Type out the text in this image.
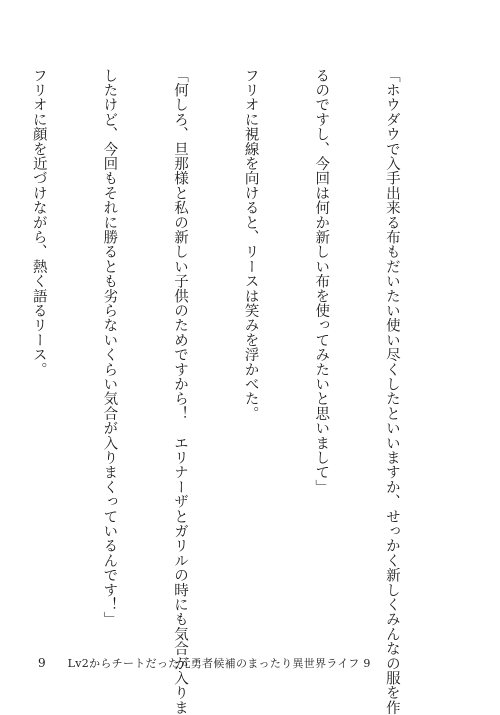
「ホウダウで入手出来る布もだいたい使い尽くしたといいますか、せっかく新しくみんなの服を作

るのですし、今回は何か新しい布を使ってみたいと思いまして」

フリオに視線を向けると、リースは笑みを浮かべた。

「何しろ、旦那様と私の新しい子供のためですから！　エリナーザとガリルの時にも気合が入りま

したけど、今回もそれに勝るとも劣らないくらい気合が入りまくっているんです！」

フリオに顔を近づけながら、熱く語るリース。

9 Lv2からチートだった元勇者候補のまったり異世界ライフ 9
